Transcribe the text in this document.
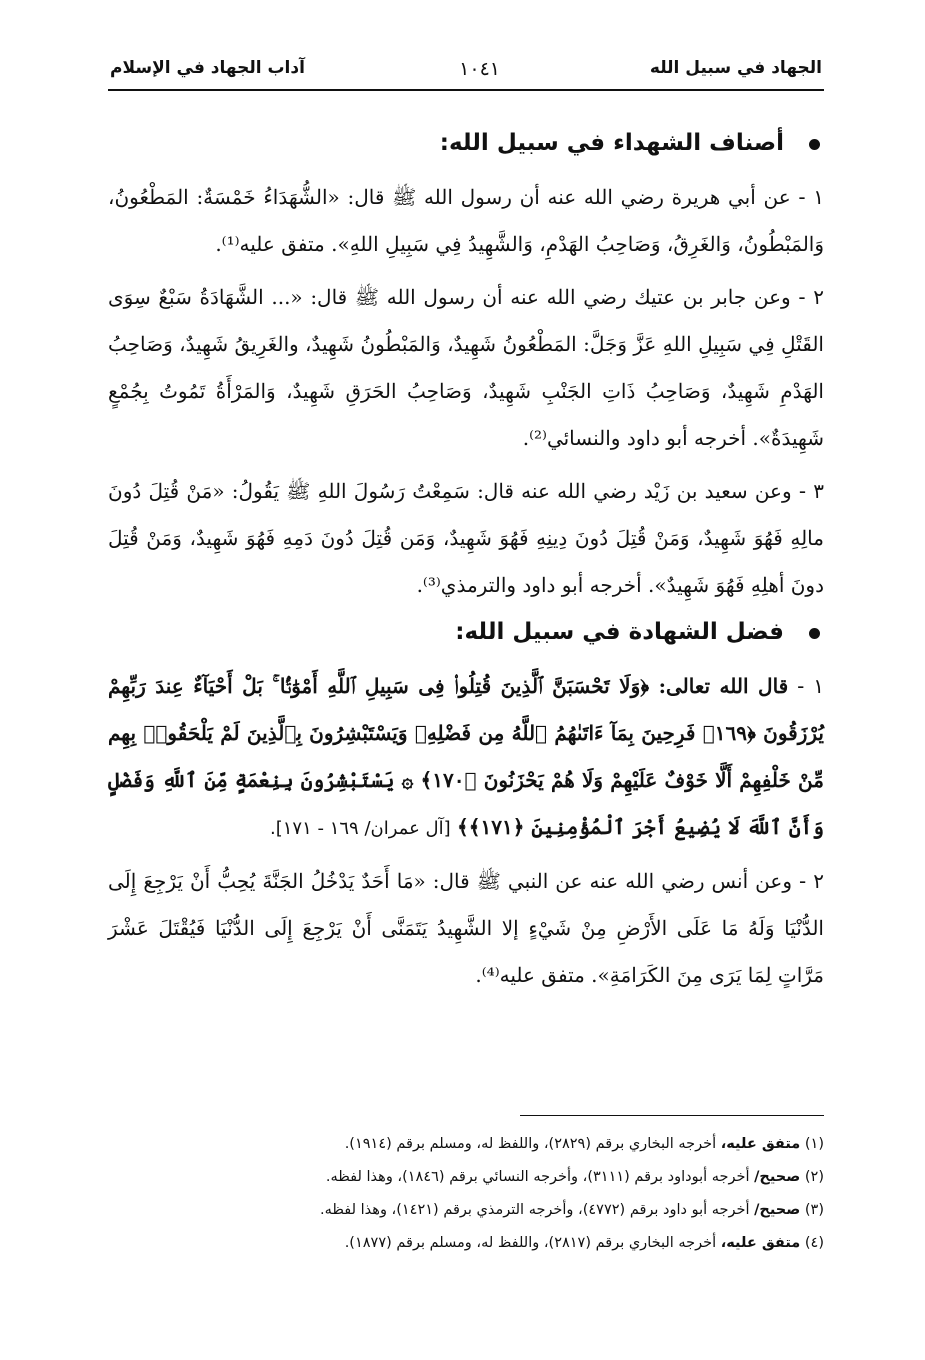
الجهاد في سبيل الله
١٠٤١
آداب الجهاد في الإسلام
أصناف الشهداء في سبيل الله:
١ - عن أبي هريرة رضي الله عنه أن رسول الله ﷺ قال: «الشُّهَدَاءُ خَمْسَةٌ: المَطْعُونُ، وَالمَبْطُونُ، وَالغَرِقُ، وَصَاحِبُ الهَدْمِ، وَالشَّهِيدُ فِي سَبِيلِ اللهِ». متفق عليه⁽¹⁾.
٢ - وعن جابر بن عتيك رضي الله عنه أن رسول الله ﷺ قال: «... الشَّهَادَةُ سَبْعٌ سِوَى القَتْلِ فِي سَبِيلِ اللهِ عَزَّ وَجَلَّ: المَطْعُونُ شَهِيدٌ، وَالمَبْطُونُ شَهِيدٌ، والغَرِيقُ شَهِيدٌ، وَصَاحِبُ الهَدْمِ شَهِيدٌ، وَصَاحِبُ ذَاتِ الجَنْبِ شَهِيدٌ، وَصَاحِبُ الحَرَقِ شَهِيدٌ، وَالمَرْأَةُ تَمُوتُ بِجُمْعٍ شَهِيدَةٌ». أخرجه أبو داود والنسائي⁽²⁾.
٣ - وعن سعيد بن زَيْد رضي الله عنه قال: سَمِعْتُ رَسُولَ اللهِ ﷺ يَقُولُ: «مَنْ قُتِلَ دُونَ مالِهِ فَهُوَ شَهِيدٌ، وَمَنْ قُتِلَ دُونَ دِينِهِ فَهُوَ شَهِيدٌ، وَمَن قُتِلَ دُونَ دَمِهِ فَهُوَ شَهِيدٌ، وَمَنْ قُتِلَ دونَ أهلِهِ فَهُوَ شَهِيدٌ». أخرجه أبو داود والترمذي⁽³⁾.
فضل الشهادة في سبيل الله:
١ - قال الله تعالى: ﴿وَلَا تَحْسَبَنَّ ٱلَّذِينَ قُتِلُوا۟ فِى سَبِيلِ ٱللَّهِ أَمْوَٰتًۢا ۚ بَلْ أَحْيَآءٌ عِندَ رَبِّهِمْ يُرْزَقُونَ ﴿١٦٩﴾ فَرِحِينَ بِمَآ ءَاتَىٰهُمُ ٱللَّهُ مِن فَضْلِهِۦ وَيَسْتَبْشِرُونَ بِٱلَّذِينَ لَمْ يَلْحَقُوا۟ بِهِم مِّنْ خَلْفِهِمْ أَلَّا خَوْفٌ عَلَيْهِمْ وَلَا هُمْ يَحْزَنُونَ ﴿١٧٠﴾ ۞ يَسْتَبْشِرُونَ بِنِعْمَةٍ مِّنَ ٱللَّهِ وَفَضْلٍ وَأَنَّ ٱللَّهَ لَا يُضِيعُ أَجْرَ ٱلْمُؤْمِنِينَ ﴿١٧١﴾﴾ [آل عمران/ ١٦٩ - ١٧١].
٢ - وعن أنس رضي الله عنه عن النبي ﷺ قال: «مَا أَحَدٌ يَدْخُلُ الجَنَّةَ يُحِبُّ أَنْ يَرْجِعَ إِلَى الدُّنْيَا وَلَهُ مَا عَلَى الأَرْضِ مِنْ شَيْءٍ إلا الشَّهِيدُ يَتَمَنَّى أَنْ يَرْجِعَ إِلَى الدُّنْيَا فَيُقْتَلَ عَشْرَ مَرَّاتٍ لِمَا يَرَى مِنَ الكَرَامَةِ». متفق عليه⁽⁴⁾.
(١) متفق عليه، أخرجه البخاري برقم (٢٨٢٩)، واللفظ له، ومسلم برقم (١٩١٤).
(٢) صحيح/ أخرجه أبوداود برقم (٣١١١)، وأخرجه النسائي برقم (١٨٤٦)، وهذا لفظه.
(٣) صحيح/ أخرجه أبو داود برقم (٤٧٧٢)، وأخرجه الترمذي برقم (١٤٢١)، وهذا لفظه.
(٤) متفق عليه، أخرجه البخاري برقم (٢٨١٧)، واللفظ له، ومسلم برقم (١٨٧٧).
